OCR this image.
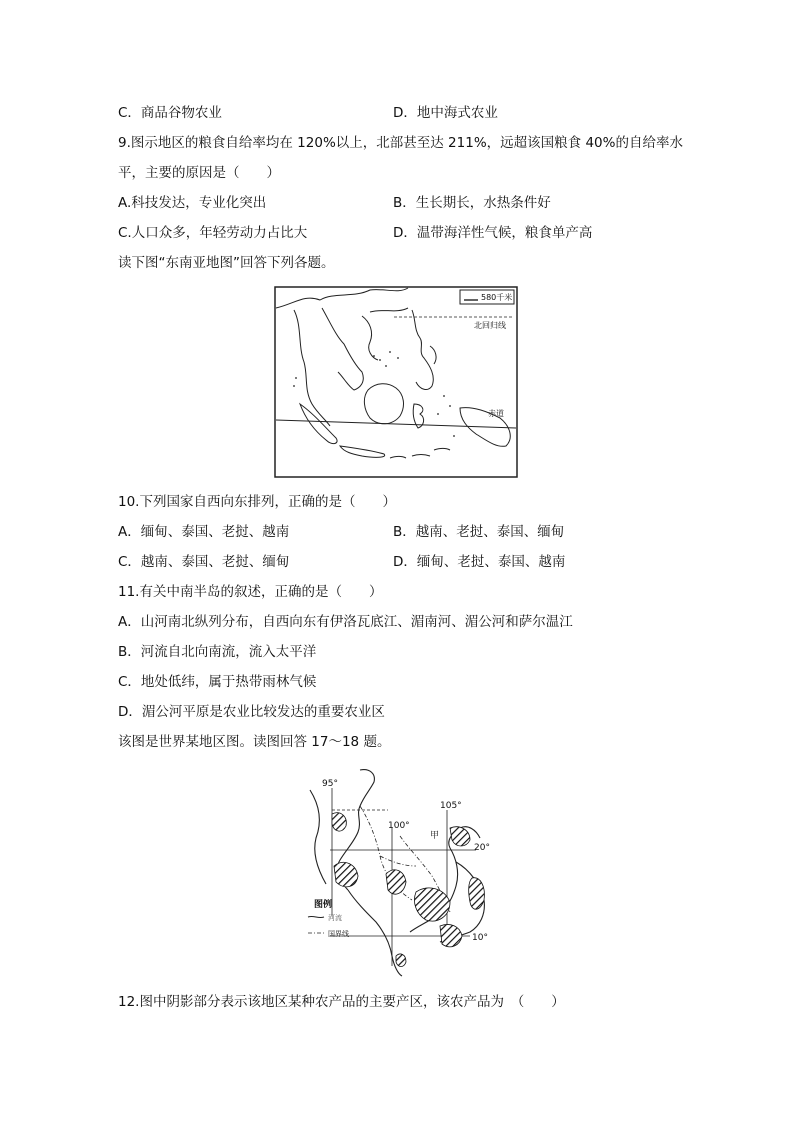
C．商品谷物农业	D．地中海式农业
9.图示地区的粮食自给率均在 120%以上，北部甚至达 211%，远超该国粮食 40%的自给率水
平，主要的原因是（　　）
A.科技发达，专业化突出	B．生长期长，水热条件好
C.人口众多，年轻劳动力占比大	D．温带海洋性气候，粮食单产高
读下图“东南亚地图”回答下列各题。
580千米
北回归线
赤道
10.下列国家自西向东排列，正确的是（　　）
A．缅甸、泰国、老挝、越南	B．越南、老挝、泰国、缅甸
C．越南、泰国、老挝、缅甸	D．缅甸、老挝、泰国、越南
11.有关中南半岛的叙述，正确的是（　　）
A．山河南北纵列分布，自西向东有伊洛瓦底江、湄南河、湄公河和萨尔温江
B．河流自北向南流，流入太平洋
C．地处低纬，属于热带雨林气候
D．湄公河平原是农业比较发达的重要农业区
该图是世界某地区图。读图回答 17～18 题。
95°
100°
105°
20°
10°
甲
图例
河流
国界线
12.图中阴影部分表示该地区某种农产品的主要产区，该农产品为　（　　）
